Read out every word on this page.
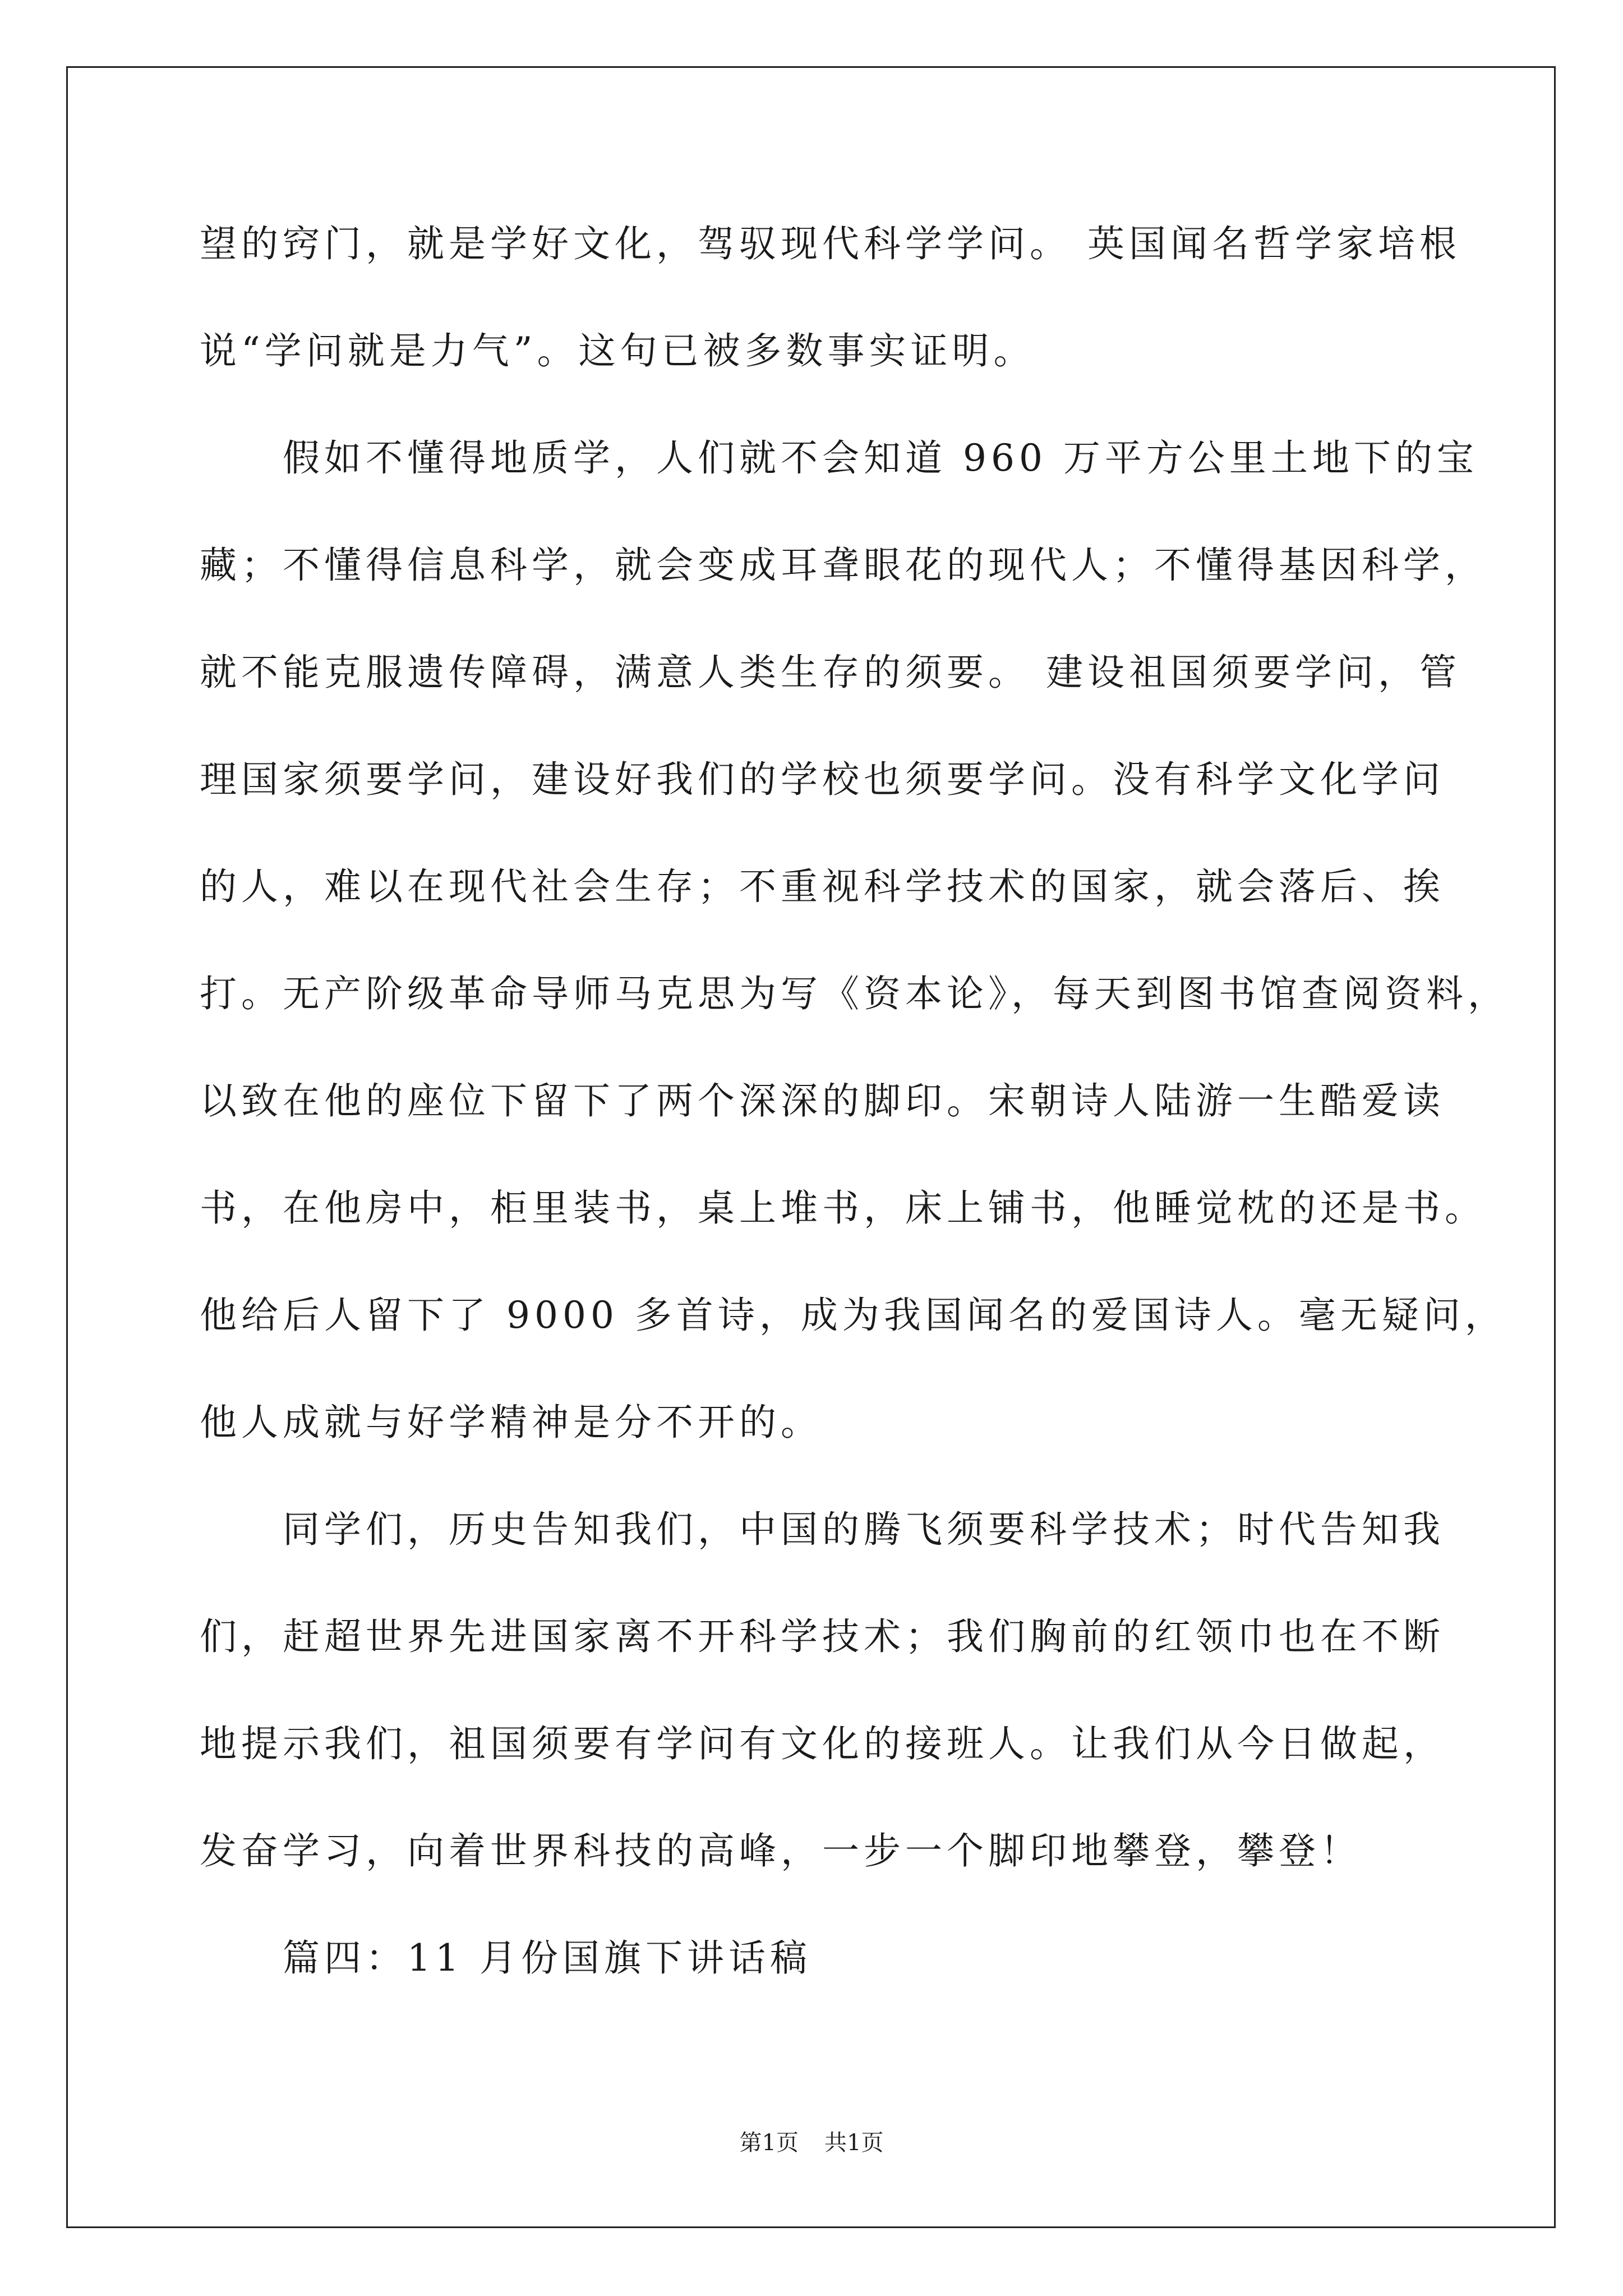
望的窍门，就是学好文化，驾驭现代科学学问。 英国闻名哲学家培根
说“学问就是力气”。这句已被多数事实证明。
假如不懂得地质学，人们就不会知道 960 万平方公里土地下的宝
藏；不懂得信息科学，就会变成耳聋眼花的现代人；不懂得基因科学，
就不能克服遗传障碍，满意人类生存的须要。 建设祖国须要学问，管
理国家须要学问，建设好我们的学校也须要学问。没有科学文化学问
的人，难以在现代社会生存；不重视科学技术的国家，就会落后、挨
打。无产阶级革命导师马克思为写《资本论》，每天到图书馆查阅资料，
以致在他的座位下留下了两个深深的脚印。宋朝诗人陆游一生酷爱读
书，在他房中，柜里装书，桌上堆书，床上铺书，他睡觉枕的还是书。
他给后人留下了 9000 多首诗，成为我国闻名的爱国诗人。毫无疑问，
他人成就与好学精神是分不开的。
同学们，历史告知我们，中国的腾飞须要科学技术；时代告知我
们，赶超世界先进国家离不开科学技术；我们胸前的红领巾也在不断
地提示我们，祖国须要有学问有文化的接班人。让我们从今日做起，
发奋学习，向着世界科技的高峰，一步一个脚印地攀登，攀登！
篇四：11 月份国旗下讲话稿
第1页 共1页
